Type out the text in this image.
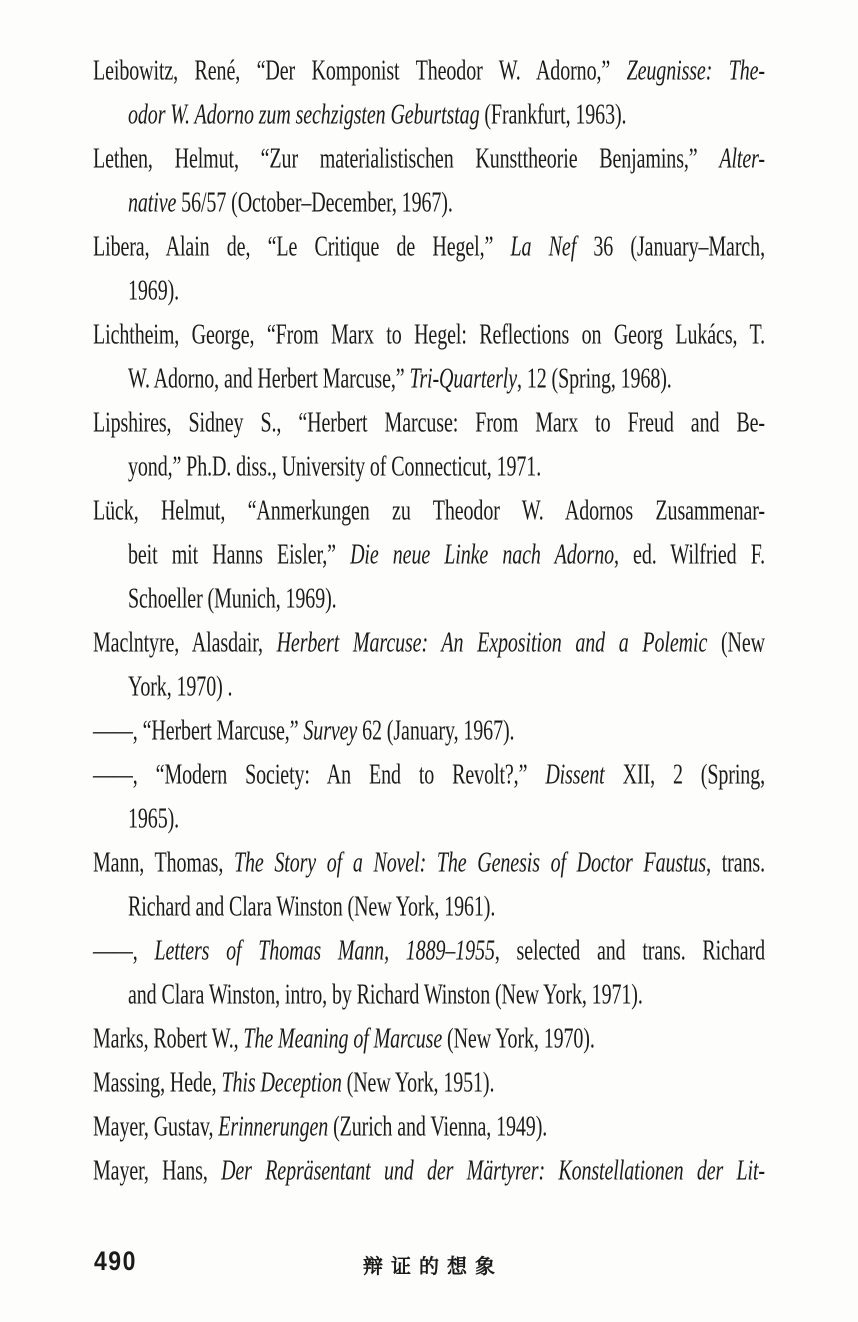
Leibowitz, René, “Der Komponist Theodor W. Adorno,” Zeugnisse: The-
odor W. Adorno zum sechzigsten Geburtstag (Frankfurt, 1963).
Lethen, Helmut, “Zur materialistischen Kunsttheorie Benjamins,” Alter-
native 56/57 (October–December, 1967).
Libera, Alain de, “Le Critique de Hegel,” La Nef 36 (January–March,
1969).
Lichtheim, George, “From Marx to Hegel: Reflections on Georg Lukács, T.
W. Adorno, and Herbert Marcuse,” Tri-Quarterly, 12 (Spring, 1968).
Lipshires, Sidney S., “Herbert Marcuse: From Marx to Freud and Be-
yond,” Ph.D. diss., University of Connecticut, 1971.
Lück, Helmut, “Anmerkungen zu Theodor W. Adornos Zusammenar-
beit mit Hanns Eisler,” Die neue Linke nach Adorno, ed. Wilfried F.
Schoeller (Munich, 1969).
Maclntyre, Alasdair, Herbert Marcuse: An Exposition and a Polemic (New
York, 1970) .
——, “Herbert Marcuse,” Survey 62 (January, 1967).
——, “Modern Society: An End to Revolt?,” Dissent XII, 2 (Spring,
1965).
Mann, Thomas, The Story of a Novel: The Genesis of Doctor Faustus, trans.
Richard and Clara Winston (New York, 1961).
——, Letters of Thomas Mann, 1889–1955, selected and trans. Richard
and Clara Winston, intro, by Richard Winston (New York, 1971).
Marks, Robert W., The Meaning of Marcuse (New York, 1970).
Massing, Hede, This Deception (New York, 1951).
Mayer, Gustav, Erinnerungen (Zurich and Vienna, 1949).
Mayer, Hans, Der Repräsentant und der Märtyrer: Konstellationen der Lit-
490	辩证的想象
